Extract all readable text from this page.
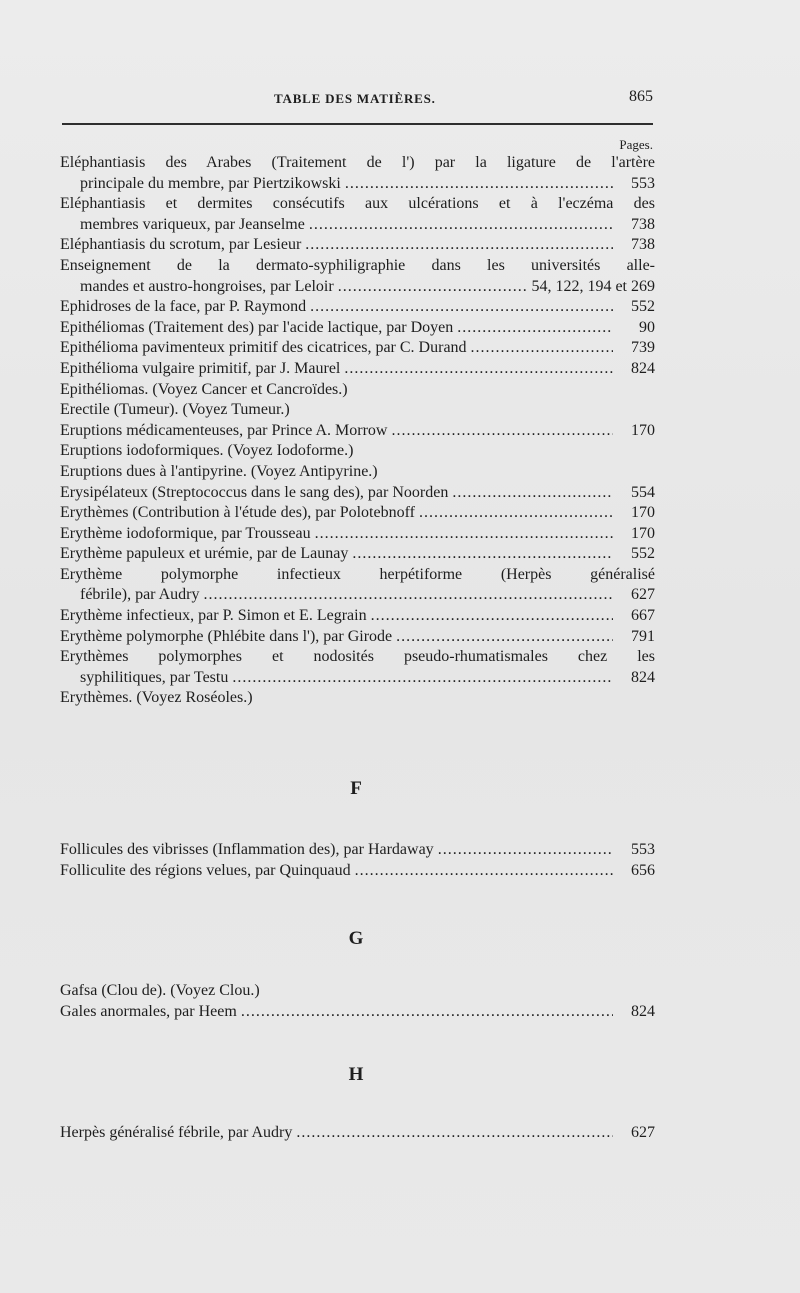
TABLE DES MATIÈRES.	865
Pages.
Eléphantiasis des Arabes (Traitement de l') par la ligature de l'artère
principale du membre, par Piertzikowski .....	553
Eléphantiasis et dermites consécutifs aux ulcérations et à l'eczéma des
membres variqueux, par Jeanselme .....	738
Eléphantiasis du scrotum, par Lesieur .....	738
Enseignement de la dermato-syphiligraphie dans les universités alle-
mandes et austro-hongroises, par Leloir .....	54, 122, 194 et 269
Ephidroses de la face, par P. Raymond .....	552
Epithéliomas (Traitement des) par l'acide lactique, par Doyen .....	90
Epithélioma pavimenteux primitif des cicatrices, par C. Durand .....	739
Epithélioma vulgaire primitif, par J. Maurel .....	824
Epithéliomas. (Voyez Cancer et Cancroïdes.)
Erectile (Tumeur). (Voyez Tumeur.)
Eruptions médicamenteuses, par Prince A. Morrow .....	170
Eruptions iodoformiques. (Voyez Iodoforme.)
Eruptions dues à l'antipyrine. (Voyez Antipyrine.)
Erysipélateux (Streptococcus dans le sang des), par Noorden .....	554
Erythèmes (Contribution à l'étude des), par Polotebnoff .....	170
Erythème iodoformique, par Trousseau .....	170
Erythème papuleux et urémie, par de Launay .....	552
Erythème polymorphe infectieux herpétiforme (Herpès généralisé
fébrile), par Audry .....	627
Erythème infectieux, par P. Simon et E. Legrain .....	667
Erythème polymorphe (Phlébite dans l'), par Girode .....	791
Erythèmes polymorphes et nodosités pseudo-rhumatismales chez les
syphilitiques, par Testu .....	824
Erythèmes. (Voyez Roséoles.)
F
Follicules des vibrisses (Inflammation des), par Hardaway .....	553
Folliculite des régions velues, par Quinquaud .....	656
G
Gafsa (Clou de). (Voyez Clou.)
Gales anormales, par Heem .....	824
H
Herpès généralisé fébrile, par Audry .....	627
